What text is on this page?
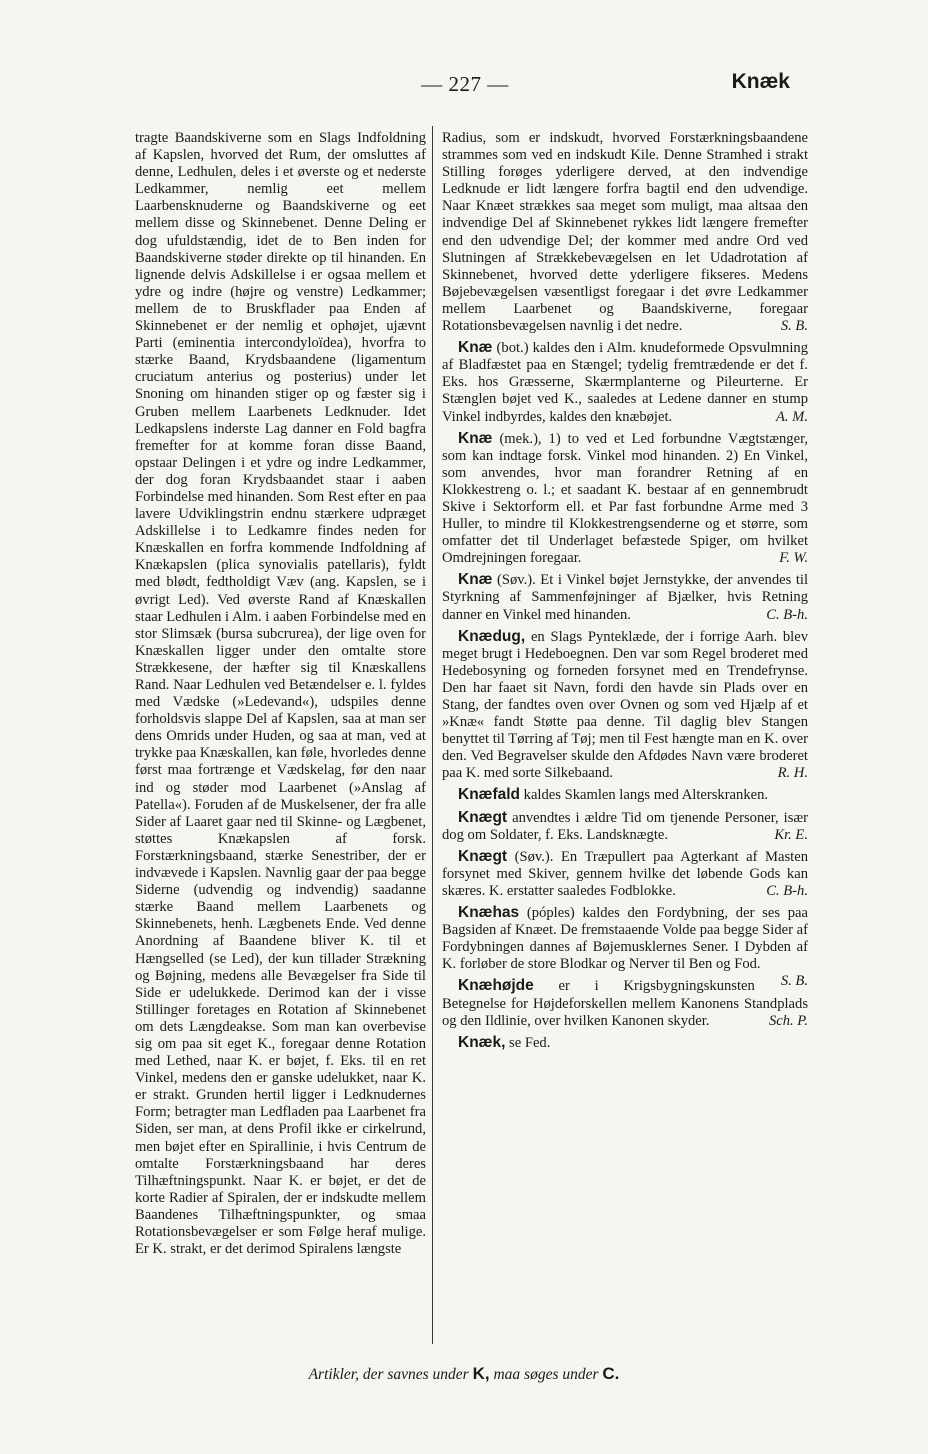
— 227 —	Knæk

tragte Baandskiverne som en Slags Indfoldning af Kapslen, hvorved det Rum, der omsluttes af denne, Ledhulen, deles i et øverste og et nederste Ledkammer, nemlig eet mellem Laarbensknuderne og Baandskiverne og eet mellem disse og Skinnebenet. Denne Deling er dog ufuldstændig, idet de to Ben inden for Baandskiverne støder direkte op til hinanden. En lignende delvis Adskillelse i er ogsaa mellem et ydre og indre (højre og venstre) Ledkammer; mellem de to Bruskflader paa Enden af Skinnebenet er der nemlig et ophøjet, ujævnt Parti (eminentia intercondyloïdea), hvorfra to stærke Baand, Krydsbaandene (ligamentum cruciatum anterius og posterius) under let Snoning om hinanden stiger op og fæster sig i Gruben mellem Laarbenets Ledknuder. Idet Ledkapslens inderste Lag danner en Fold bagfra fremefter for at komme foran disse Baand, opstaar Delingen i et ydre og indre Ledkammer, der dog foran Krydsbaandet staar i aaben Forbindelse med hinanden. Som Rest efter en paa lavere Udviklingstrin endnu stærkere udpræget Adskillelse i to Ledkamre findes neden for Knæskallen en forfra kommende Indfoldning af Knækapslen (plica synovialis patellaris), fyldt med blødt, fedtholdigt Væv (ang. Kapslen, se i øvrigt Led). Ved øverste Rand af Knæskallen staar Ledhulen i Alm. i aaben Forbindelse med en stor Slimsæk (bursa subcrurea), der lige oven for Knæskallen ligger under den omtalte store Strækkesene, der hæfter sig til Knæskallens Rand. Naar Ledhulen ved Betændelser e. l. fyldes med Vædske (»Ledevand«), udspiles denne forholdsvis slappe Del af Kapslen, saa at man ser dens Omrids under Huden, og saa at man, ved at trykke paa Knæskallen, kan føle, hvorledes denne først maa fortrænge et Vædskelag, før den naar ind og støder mod Laarbenet (»Anslag af Patella«). Foruden af de Muskelsener, der fra alle Sider af Laaret gaar ned til Skinne- og Lægbenet, støttes Knækapslen af forsk. Forstærkningsbaand, stærke Senestriber, der er indvævede i Kapslen. Navnlig gaar der paa begge Siderne (udvendig og indvendig) saadanne stærke Baand mellem Laarbenets og Skinnebenets, henh. Lægbenets Ende. Ved denne Anordning af Baandene bliver K. til et Hængselled (se Led), der kun tillader Strækning og Bøjning, medens alle Bevægelser fra Side til Side er udelukkede. Derimod kan der i visse Stillinger foretages en Rotation af Skinnebenet om dets Længdeakse. Som man kan overbevise sig om paa sit eget K., foregaar denne Rotation med Lethed, naar K. er bøjet, f. Eks. til en ret Vinkel, medens den er ganske udelukket, naar K. er strakt. Grunden hertil ligger i Ledknudernes Form; betragter man Ledfladen paa Laarbenet fra Siden, ser man, at dens Profil ikke er cirkelrund, men bøjet efter en Spirallinie, i hvis Centrum de omtalte Forstærkningsbaand har deres Tilhæftningspunkt. Naar K. er bøjet, er det de korte Radier af Spiralen, der er indskudte mellem Baandenes Tilhæftningspunkter, og smaa Rotationsbevægelser er som Følge heraf mulige. Er K. strakt, er det derimod Spiralens længste

Radius, som er indskudt, hvorved Forstærkningsbaandene strammes som ved en indskudt Kile. Denne Stramhed i strakt Stilling forøges yderligere derved, at den indvendige Ledknude er lidt længere forfra bagtil end den udvendige. Naar Knæet strækkes saa meget som muligt, maa altsaa den indvendige Del af Skinnebenet rykkes lidt længere fremefter end den udvendige Del; der kommer med andre Ord ved Slutningen af Strækkebevægelsen en let Udadrotation af Skinnebenet, hvorved dette yderligere fikseres. Medens Bøjebevægelsen væsentligst foregaar i det øvre Ledkammer mellem Laarbenet og Baandskiverne, foregaar Rotationsbevægelsen navnlig i det nedre.	S. B.

Knæ (bot.) kaldes den i Alm. knudeformede Opsvulmning af Bladfæstet paa en Stængel; tydelig fremtrædende er det f. Eks. hos Græsserne, Skærmplanterne og Pileurterne. Er Stænglen bøjet ved K., saaledes at Ledene danner en stump Vinkel indbyrdes, kaldes den knæbøjet.	A. M.

Knæ (mek.), 1) to ved et Led forbundne Vægtstænger, som kan indtage forsk. Vinkel mod hinanden. 2) En Vinkel, som anvendes, hvor man forandrer Retning af en Klokkestreng o. l.; et saadant K. bestaar af en gennembrudt Skive i Sektorform ell. et Par fast forbundne Arme med 3 Huller, to mindre til Klokkestrengsenderne og et større, som omfatter det til Underlaget befæstede Spiger, om hvilket Omdrejningen foregaar.	F. W.

Knæ (Søv.). Et i Vinkel bøjet Jernstykke, der anvendes til Styrkning af Sammenføjninger af Bjælker, hvis Retning danner en Vinkel med hinanden.	C. B-h.

Knædug, en Slags Pynteklæde, der i forrige Aarh. blev meget brugt i Hedeboegnen. Den var som Regel broderet med Hedebosyning og forneden forsynet med en Trendefrynse. Den har faaet sit Navn, fordi den havde sin Plads over en Stang, der fandtes oven over Ovnen og som ved Hjælp af et »Knæ« fandt Støtte paa denne. Til daglig blev Stangen benyttet til Tørring af Tøj; men til Fest hængte man en K. over den. Ved Begravelser skulde den Afdødes Navn være broderet paa K. med sorte Silkebaand.	R. H.

Knæfald kaldes Skamlen langs med Alterskranken.

Knægt anvendtes i ældre Tid om tjenende Personer, især dog om Soldater, f. Eks. Landsknægte.	Kr. E.

Knægt (Søv.). En Træpullert paa Agterkant af Masten forsynet med Skiver, gennem hvilke det løbende Gods kan skæres. K. erstatter saaledes Fodblokke.	C. B-h.

Knæhas (póples) kaldes den Fordybning, der ses paa Bagsiden af Knæet. De fremstaaende Volde paa begge Sider af Fordybningen dannes af Bøjemusklernes Sener. I Dybden af K. forløber de store Blodkar og Nerver til Ben og Fod.
S. B.

Knæhøjde er i Krigsbygningskunsten Betegnelse for Højdeforskellen mellem Kanonens Standplads og den Ildlinie, over hvilken Kanonen skyder.	Sch. P.

Knæk, se Fed.

Artikler, der savnes under K, maa søges under C.
